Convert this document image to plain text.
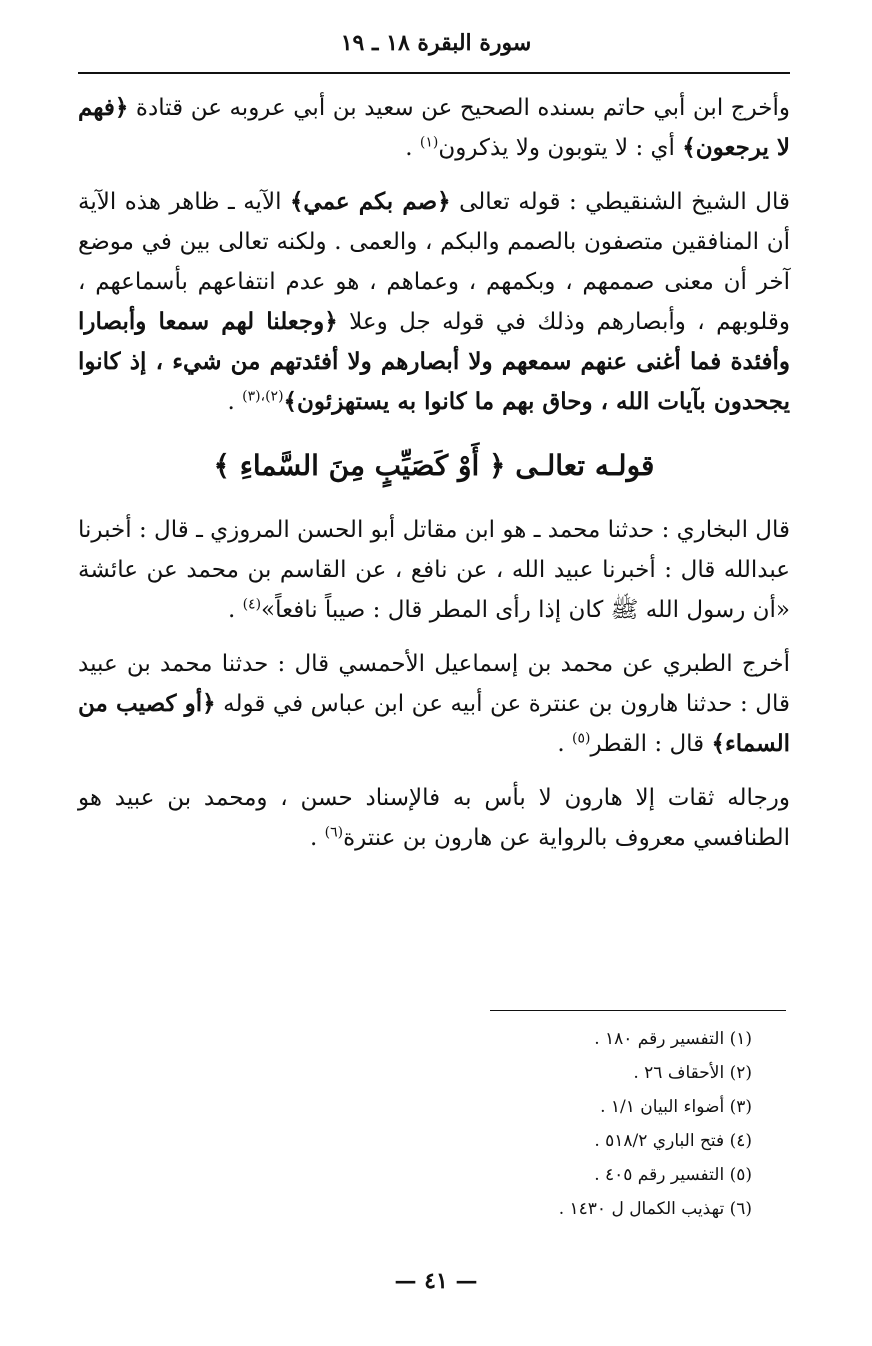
سورة البقرة ١٨ ـ ١٩

وأخرج ابن أبي حاتم بسنده الصحيح عن سعيد بن أبي عروبه عن قتادة ﴿فهم لا يرجعون﴾ أي : لا يتوبون ولا يذكرون$^{(١)}$ .

قال الشيخ الشنقيطي : قوله تعالى ﴿صم بكم عمي﴾ الآيه ـ ظاهر هذه الآية أن المنافقين متصفون بالصمم والبكم ، والعمى . ولكنه تعالى بين في موضع آخر أن معنى صممهم ، وبكمهم ، وعماهم ، هو عدم انتفاعهم بأسماعهم ، وقلوبهم ، وأبصارهم وذلك في قوله جل وعلا ﴿وجعلنا لهم سمعا وأبصارا وأفئدة فما أغنى عنهم سمعهم ولا أبصارهم ولا أفئدتهم من شيء ، إذ كانوا يجحدون بآيات الله ، وحاق بهم ما كانوا به يستهزئون﴾$^{(٢)،(٣)}$ .

قولـه تعالـى ﴿ أَوْ كَصَيِّبٍ مِنَ السَّماءِ ﴾

قال البخاري : حدثنا محمد ـ هو ابن مقاتل أبو الحسن المروزي ـ قال : أخبرنا عبدالله قال : أخبرنا عبيد الله ، عن نافع ، عن القاسم بن محمد عن عائشة «أن رسول الله ﷺ كان إذا رأى المطر قال : صيباً نافعاً»$^{(٤)}$ .

أخرج الطبري عن محمد بن إسماعيل الأحمسي قال : حدثنا محمد بن عبيد قال : حدثنا هارون بن عنترة عن أبيه عن ابن عباس في قوله ﴿أو كصيب من السماء﴾ قال : القطر$^{(٥)}$ .

ورجاله ثقات إلا هارون لا بأس به فالإسناد حسن ، ومحمد بن عبيد هو الطنافسي معروف بالرواية عن هارون بن عنترة$^{(٦)}$ .

(١) التفسير رقم ١٨٠ .
(٢) الأحقاف ٢٦ .
(٣) أضواء البيان ١/١ .
(٤) فتح الباري ٥١٨/٢ .
(٥) التفسير رقم ٤٠٥ .
(٦) تهذيب الكمال ل ١٤٣٠ .
— ٤١ —
